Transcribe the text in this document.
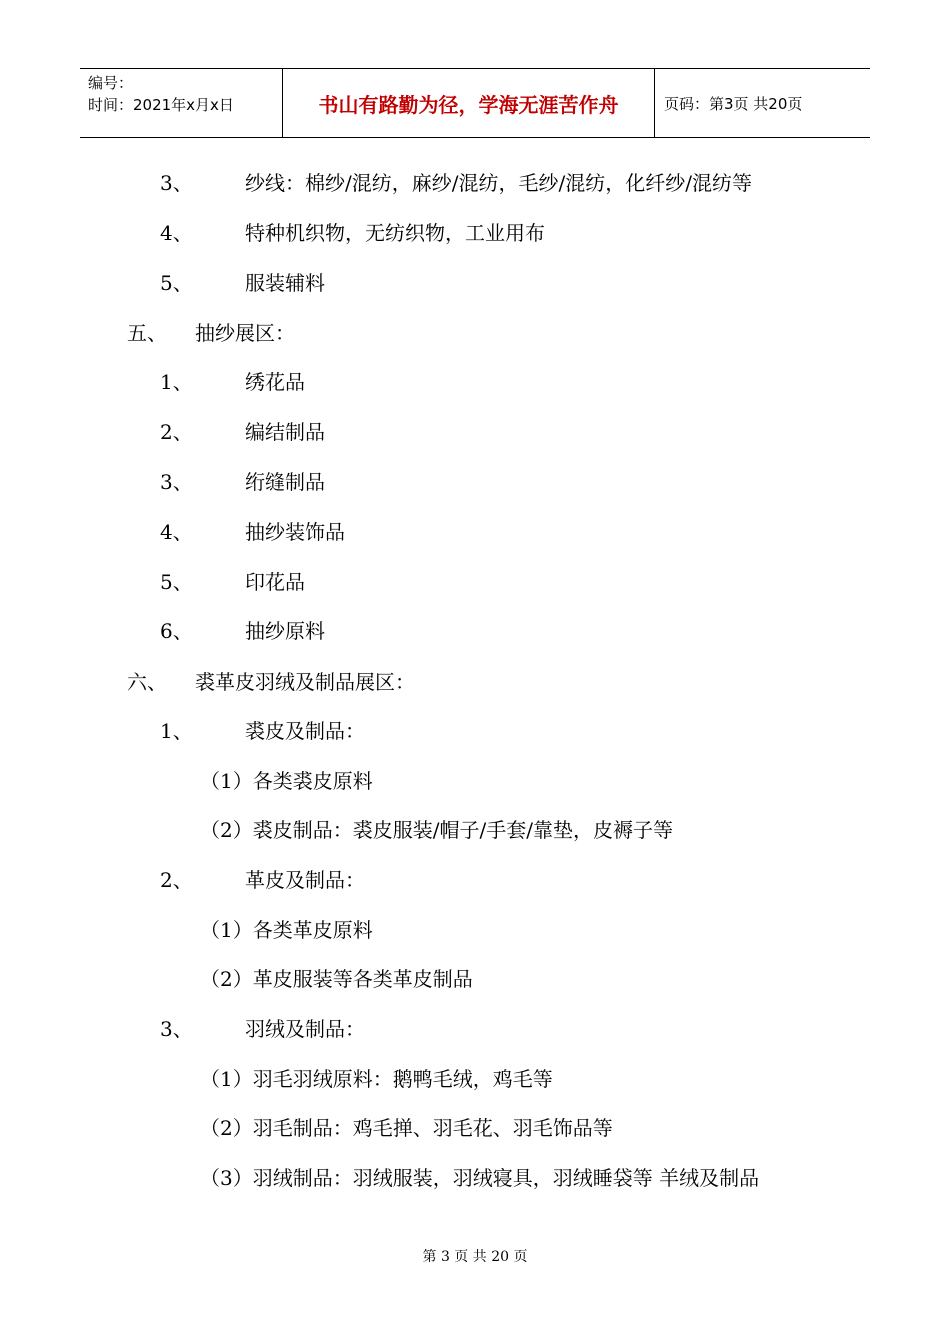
编号：
时间：2021年x月x日	书山有路勤为径，学海无涯苦作舟	页码：第3页 共20页
3、	纱线：棉纱/混纺，麻纱/混纺，毛纱/混纺，化纤纱/混纺等
4、	特种机织物，无纺织物，工业用布
5、	服装辅料
五、 抽纱展区：
1、	绣花品
2、	编结制品
3、	绗缝制品
4、	抽纱装饰品
5、	印花品
6、	抽纱原料
六、 裘革皮羽绒及制品展区：
1、	裘皮及制品：
（1）各类裘皮原料
（2）裘皮制品：裘皮服装/帽子/手套/靠垫，皮褥子等
2、	革皮及制品：
（1）各类革皮原料
（2）革皮服装等各类革皮制品
3、	羽绒及制品：
（1）羽毛羽绒原料：鹅鸭毛绒，鸡毛等
（2）羽毛制品：鸡毛掸、羽毛花、羽毛饰品等
（3）羽绒制品：羽绒服装，羽绒寝具，羽绒睡袋等 羊绒及制品
第 3 页 共 20 页
